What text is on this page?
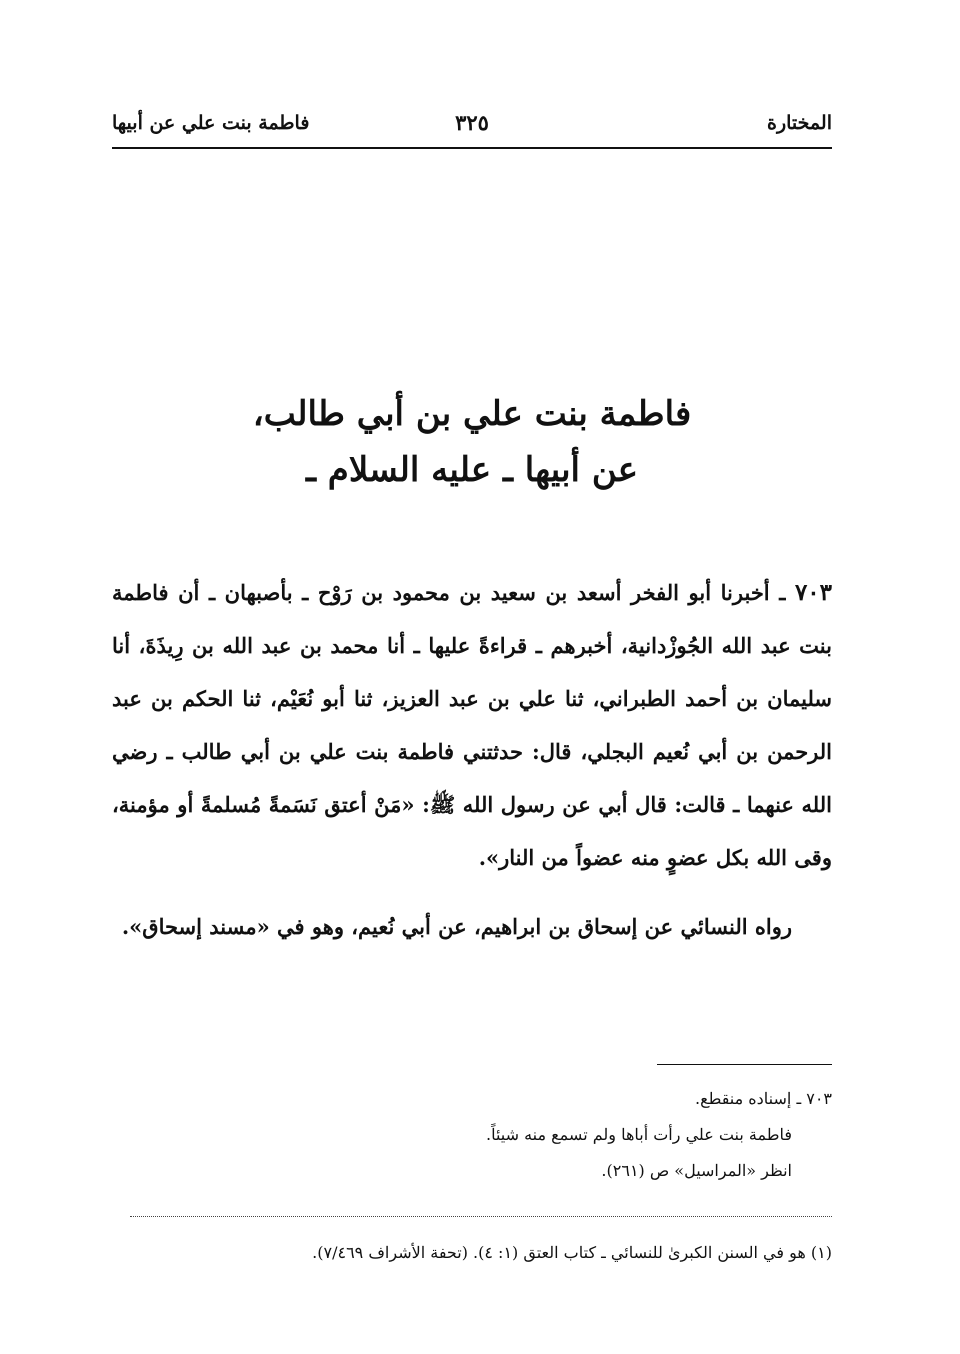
المختارة
٣٢٥
فاطمة بنت علي عن أبيها
فاطمة بنت علي بن أبي طالب،
عن أبيها ـ عليه السلام ـ
٧٠٣ ـ أخبرنا أبو الفخر أسعد بن سعيد بن محمود بن رَوْح ـ بأصبهان ـ أن فاطمة بنت عبد الله الجُوزْدانية، أخبرهم ـ قراءةً عليها ـ أنا محمد بن عبد الله بن رِيذَةَ، أنا سليمان بن أحمد الطبراني، ثنا علي بن عبد العزيز، ثنا أبو نُعَيْم، ثنا الحكم بن عبد الرحمن بن أبي نُعيم البجلي، قال: حدثتني فاطمة بنت علي بن أبي طالب ـ رضي الله عنهما ـ قالت: قال أبي عن رسول الله ﷺ: «مَنْ أعتق نَسَمةً مُسلمةً أو مؤمنة، وقى الله بكل عضوٍ منه عضواً من النار».
رواه النسائي عن إسحاق بن ابراهيم، عن أبي نُعيم، وهو في «مسند إسحاق».
٧٠٣ ـ إسناده منقطع.
فاطمة بنت علي رأت أباها ولم تسمع منه شيئاً.
انظر «المراسيل» ص (٢٦١).
(١) هو في السنن الكبرىٰ للنسائي ـ كتاب العتق (١: ٤). (تحفة الأشراف ٧/٤٦٩).
